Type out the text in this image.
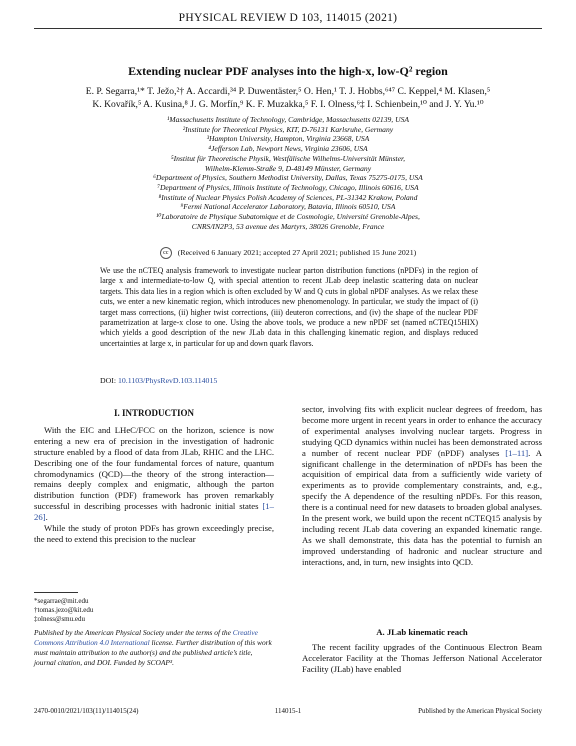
PHYSICAL REVIEW D 103, 114015 (2021)
Extending nuclear PDF analyses into the high-x, low-Q² region
E. P. Segarra,¹* T. Ježo,²† A. Accardi,³⁴ P. Duwentäster,⁵ O. Hen,¹ T. J. Hobbs,⁶⁴⁷ C. Keppel,⁴ M. Klasen,⁵
K. Kovařík,⁵ A. Kusina,⁸ J. G. Morfín,⁹ K. F. Muzakka,⁵ F. I. Olness,⁶‡ I. Schienbein,¹⁰ and J. Y. Yu.¹⁰
¹Massachusetts Institute of Technology, Cambridge, Massachusetts 02139, USA
²Institute for Theoretical Physics, KIT, D-76131 Karlsruhe, Germany
³Hampton University, Hampton, Virginia 23668, USA
⁴Jefferson Lab, Newport News, Virginia 23606, USA
⁵Institut für Theoretische Physik, Westfälische Wilhelms-Universität Münster,
Wilhelm-Klemm-Straße 9, D-48149 Münster, Germany
⁶Department of Physics, Southern Methodist University, Dallas, Texas 75275-0175, USA
⁷Department of Physics, Illinois Institute of Technology, Chicago, Illinois 60616, USA
⁸Institute of Nuclear Physics Polish Academy of Sciences, PL-31342 Krakow, Poland
⁹Fermi National Accelerator Laboratory, Batavia, Illinois 60510, USA
¹⁰Laboratoire de Physique Subatomique et de Cosmologie, Université Grenoble-Alpes,
CNRS/IN2P3, 53 avenue des Martyrs, 38026 Grenoble, France
cc (Received 6 January 2021; accepted 27 April 2021; published 15 June 2021)
We use the nCTEQ analysis framework to investigate nuclear parton distribution functions (nPDFs) in the region of large x and intermediate-to-low Q, with special attention to recent JLab deep inelastic scattering data on nuclear targets. This data lies in a region which is often excluded by W and Q cuts in global nPDF analyses. As we relax these cuts, we enter a new kinematic region, which introduces new phenomenology. In particular, we study the impact of (i) target mass corrections, (ii) higher twist corrections, (iii) deuteron corrections, and (iv) the shape of the nuclear PDF parametrization at large-x close to one. Using the above tools, we produce a new nPDF set (named nCTEQ15HIX) which yields a good description of the new JLab data in this challenging kinematic region, and displays reduced uncertainties at large x, in particular for up and down quark flavors.
DOI: 10.1103/PhysRevD.103.114015
I. INTRODUCTION

With the EIC and LHeC/FCC on the horizon, science is now entering a new era of precision in the investigation of hadronic structure enabled by a flood of data from JLab, RHIC and the LHC. Describing one of the four fundamental forces of nature, quantum chromodynamics (QCD)—the theory of the strong interaction—remains deeply complex and enigmatic, although the parton distribution function (PDF) framework has proven remarkably successful in describing processes with hadronic initial states [1–26].

While the study of proton PDFs has grown exceedingly precise, the need to extend this precision to the nuclear

*segarrae@mit.edu
†tomas.jezo@kit.edu
‡olness@smu.edu
Published by the American Physical Society under the terms of the Creative Commons Attribution 4.0 International license. Further distribution of this work must maintain attribution to the author(s) and the published article’s title, journal citation, and DOI. Funded by SCOAP³.

sector, involving fits with explicit nuclear degrees of freedom, has become more urgent in recent years in order to enhance the accuracy of experimental analyses involving nuclear targets. Progress in studying QCD dynamics within nuclei has been demonstrated across a number of recent nuclear PDF (nPDF) analyses [1–11]. A significant challenge in the determination of nPDFs has been the acquisition of empirical data from a sufficiently wide variety of experiments as to provide complementary constraints, and, e.g., specify the A dependence of the resulting nPDFs. For this reason, there is a continual need for new datasets to broaden global analyses. In the present work, we build upon the recent nCTEQ15 analysis by including recent JLab data covering an expanded kinematic range. As we shall demonstrate, this data has the potential to furnish an improved understanding of hadronic and nuclear structure and interactions, and, in turn, new insights into QCD.

A. JLab kinematic reach

The recent facility upgrades of the Continuous Electron Beam Accelerator Facility at the Thomas Jefferson National Accelerator Facility (JLab) have enabled

2470-0010/2021/103(11)/114015(24)	114015-1	Published by the American Physical Society
